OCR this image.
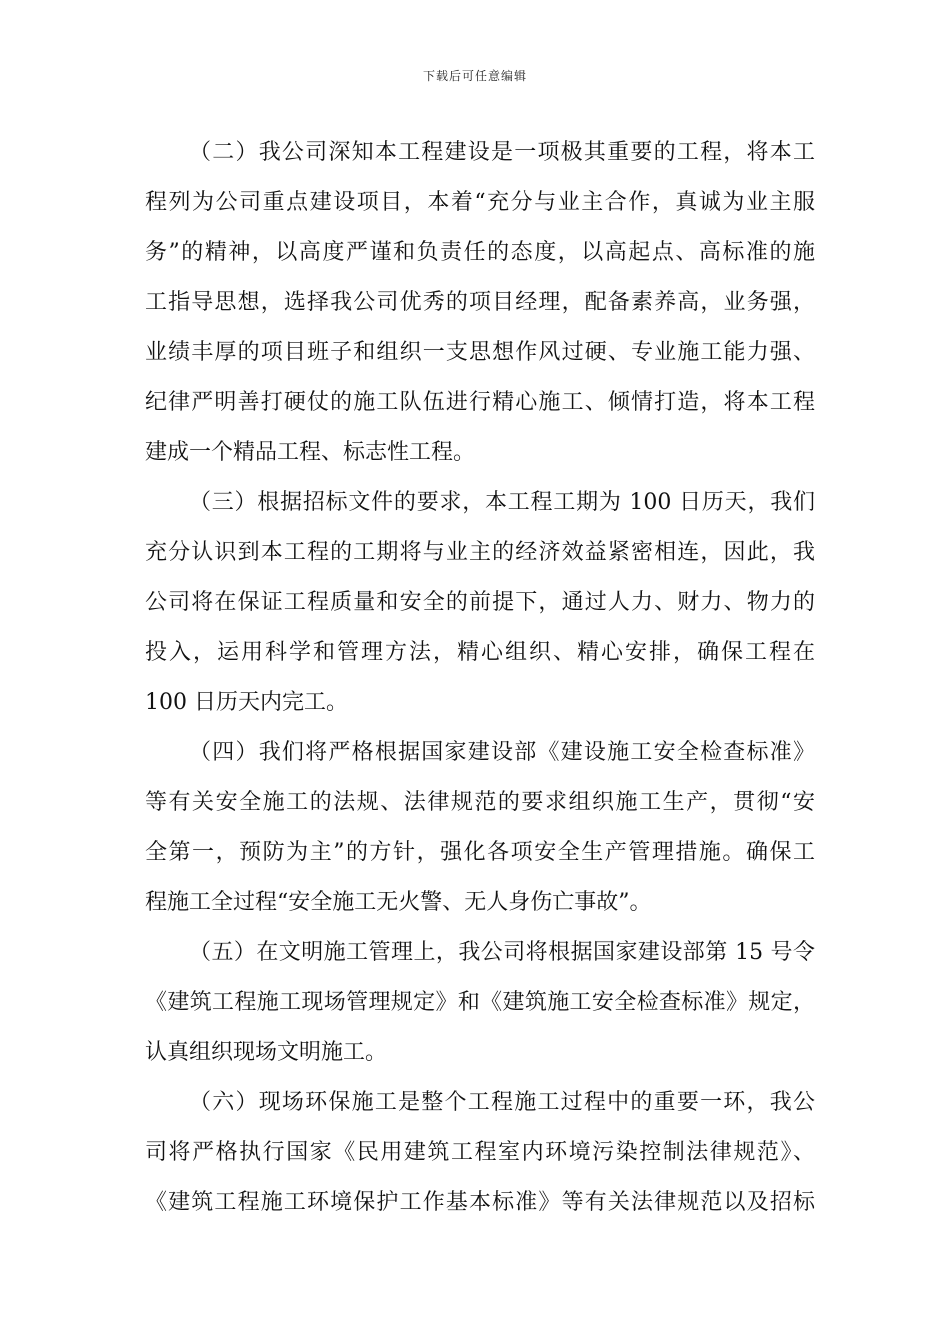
下载后可任意编辑
（二）我公司深知本工程建设是一项极其重要的工程，将本工
程列为公司重点建设项目，本着“充分与业主合作，真诚为业主服
务”的精神，以高度严谨和负责任的态度，以高起点、高标准的施
工指导思想，选择我公司优秀的项目经理，配备素养高，业务强，
业绩丰厚的项目班子和组织一支思想作风过硬、专业施工能力强、
纪律严明善打硬仗的施工队伍进行精心施工、倾情打造，将本工程
建成一个精品工程、标志性工程。
（三）根据招标文件的要求，本工程工期为 100 日历天，我们
充分认识到本工程的工期将与业主的经济效益紧密相连，因此，我
公司将在保证工程质量和安全的前提下，通过人力、财力、物力的
投入，运用科学和管理方法，精心组织、精心安排，确保工程在
100 日历天内完工。
（四）我们将严格根据国家建设部《建设施工安全检查标准》
等有关安全施工的法规、法律规范的要求组织施工生产，贯彻“安
全第一，预防为主”的方针，强化各项安全生产管理措施。确保工
程施工全过程“安全施工无火警、无人身伤亡事故”。
（五）在文明施工管理上，我公司将根据国家建设部第 15 号令
《建筑工程施工现场管理规定》和《建筑施工安全检查标准》规定，
认真组织现场文明施工。
（六）现场环保施工是整个工程施工过程中的重要一环，我公
司将严格执行国家《民用建筑工程室内环境污染控制法律规范》、
《建筑工程施工环境保护工作基本标准》等有关法律规范以及招标
